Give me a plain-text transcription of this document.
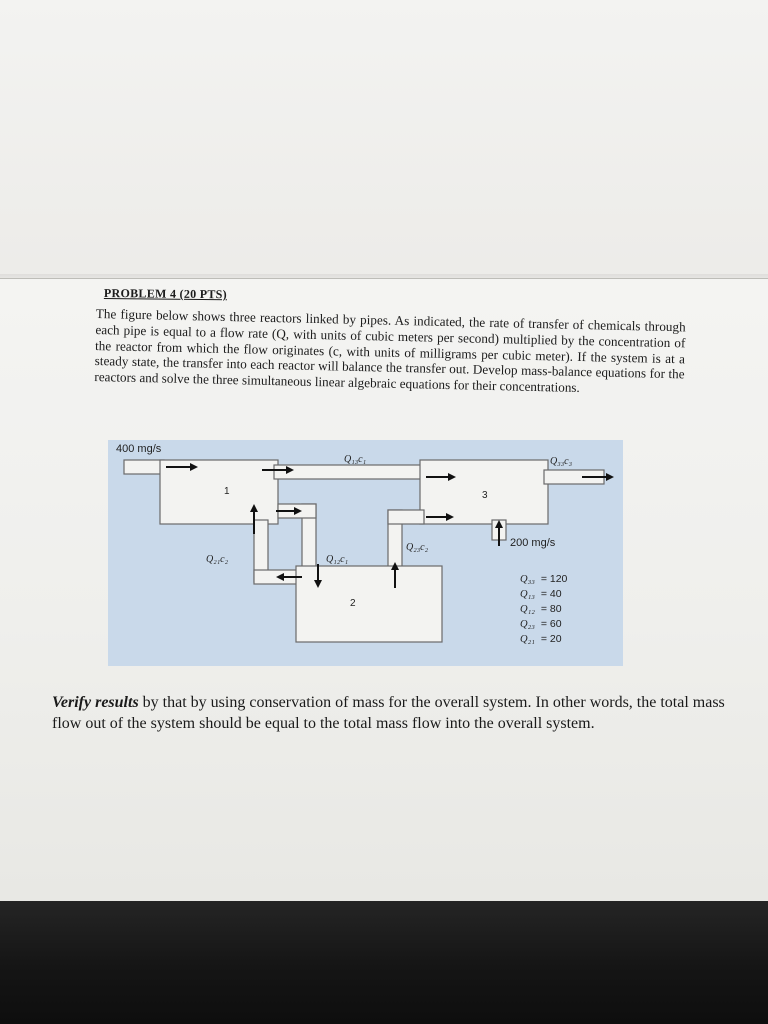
PROBLEM 4 (20 PTS)
The figure below shows three reactors linked by pipes. As indicated, the rate of transfer of chemicals through each pipe is equal to a flow rate (Q, with units of cubic meters per second) multiplied by the concentration of the reactor from which the flow originates (c, with units of milligrams per cubic meter). If the system is at a steady state, the transfer into each reactor will balance the transfer out. Develop mass-balance equations for the reactors and solve the three simultaneous linear algebraic equations for their concentrations.
400 mg/s
1
2
3
Q₁₃c₁	Q₃₃c₃
Q₂₁c₂	Q₁₂c₁
Q₂₃c₂	200 mg/s
Q₃₃ = 120
Q₁₃ = 40
Q₁₂ = 80
Q₂₃ = 60
Q₂₁ = 20
Verify results by that by using conservation of mass for the overall system. In other words, the total mass flow out of the system should be equal to the total mass flow into the overall system.
